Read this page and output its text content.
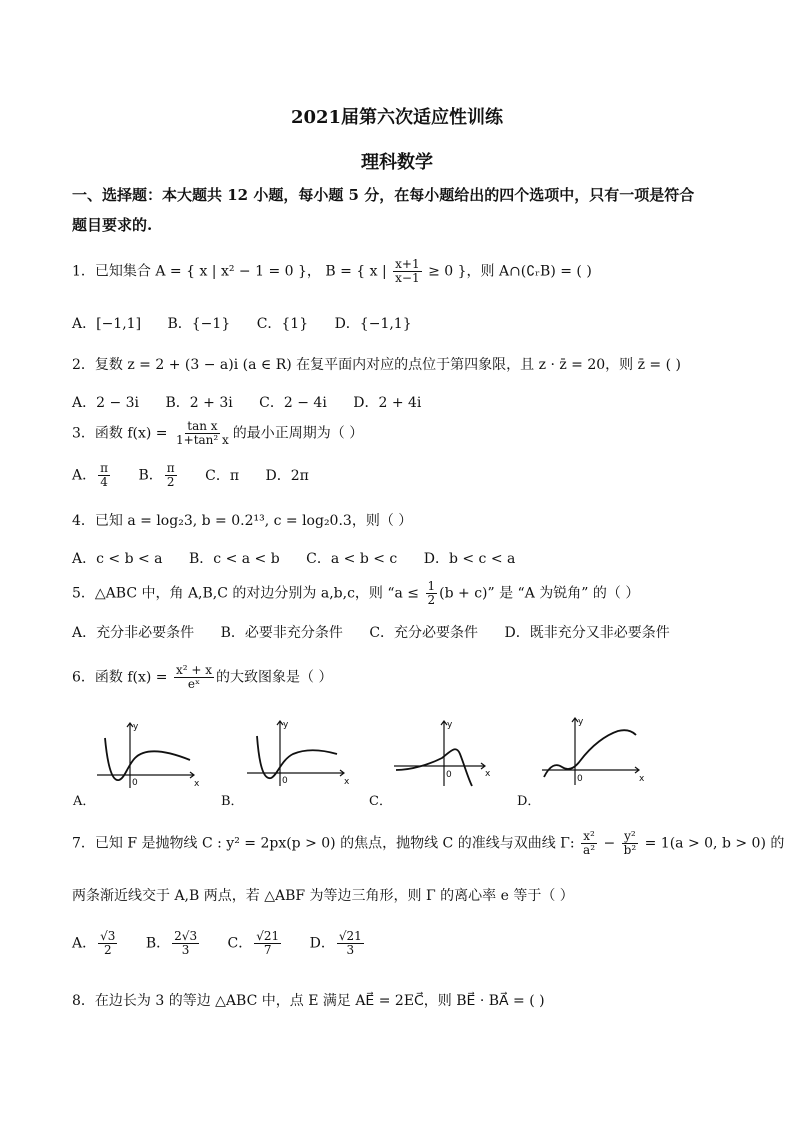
2021届第六次适应性训练
理科数学
一、选择题：本大题共 12 小题，每小题 5 分，在每小题给出的四个选项中，只有一项是符合
题目要求的.
1．已知集合 A = { x | x² − 1 = 0 }， B = { x | $\frac{x+1}{x-1} \ge 0$ }，则 A∩(∁ᵣB) = ( )
A．[−1,1] B．{−1} C．{1} D．{−1,1}
2．复数 z = 2 + (3 − a)i (a ∈ R) 在复平面内对应的点位于第四象限，且 z · z̄ = 20，则 z̄ = ( )
A．2 − 3i B．2 + 3i C．2 − 4i D．2 + 4i
3．函数 $f(x) = \frac{\text{tan x}}{\text{1+tan² x}}$ 的最小正周期为（ ）
A． $\frac{\pi}{4}$ B． $\frac{\pi}{2}$ C．π D．2π
4．已知 a = log₂3, b = 0.2¹³, c = log₂0.3，则（ ）
A．c < b < a B．c < a < b C．a < b < c D．b < c < a
5．△ABC 中，角 A,B,C 的对边分别为 a,b,c，则 “$a \le \frac{1}{2} (b + c)$” 是 “A 为锐角” 的（ ）
A．充分非必要条件 B．必要非充分条件 C．充分必要条件 D．既非充分又非必要条件
6．函数 $f(x) = \frac{\text{x² + x}}{\text{eˣ}}$ 的大致图象是（ ）
y
x
0
A．
y
x
0
B．
y
x
0
C．
y
x
0
D．
7．已知 F 是抛物线 C : y² = 2px(p > 0) 的焦点，抛物线 C 的准线与双曲线 Γ: $\frac{\text{x²}}{\text{a²}} - \frac{\text{y²}}{\text{b²}} = 1(a > 0$, b > 0) 的
两条渐近线交于 A,B 两点，若 △ABF 为等边三角形，则 Γ 的离心率 e 等于（ ）
A． $\frac{√3}{2}$ B． $\frac{2√3}{3}$ C． $\frac{√21}{7}$ D． $\frac{√21}{3}$
8．在边长为 3 的等边 △ABC 中，点 E 满足 AE⃗ = 2EC⃗，则 BE⃗ · BA⃗ = ( )
